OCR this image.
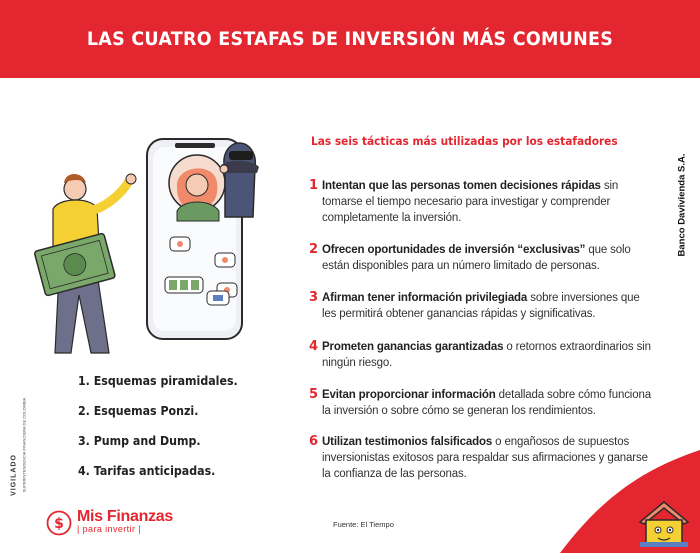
LAS CUATRO ESTAFAS DE INVERSIÓN MÁS COMUNES
Banco Davivienda S.A.
VIGILADO SUPERINTENDENCIA FINANCIERA DE COLOMBIA
1. Esquemas piramidales.
2. Esquemas Ponzi.
3. Pump and Dump.
4. Tarifas anticipadas.
Las seis tácticas más utilizadas por los estafadores
1 Intentan que las personas tomen decisiones rápidas sin tomarse el tiempo necesario para investigar y comprender completamente la inversión.

2 Ofrecen oportunidades de inversión “exclusivas” que solo están disponibles para un número limitado de personas.

3 Afirman tener información privilegiada sobre inversiones que les permitirá obtener ganancias rápidas y significativas.

4 Prometen ganancias garantizadas o retornos extraordinarios sin ningún riesgo.

5 Evitan proporcionar información detallada sobre cómo funciona la inversión o sobre cómo se generan los rendimientos.

6 Utilizan testimonios falsificados o engañosos de supuestos inversionistas exitosos para respaldar sus afirmaciones y ganarse la confianza de las personas.

$ Mis Finanzas
| para invertir |	Fuente: El Tiempo
